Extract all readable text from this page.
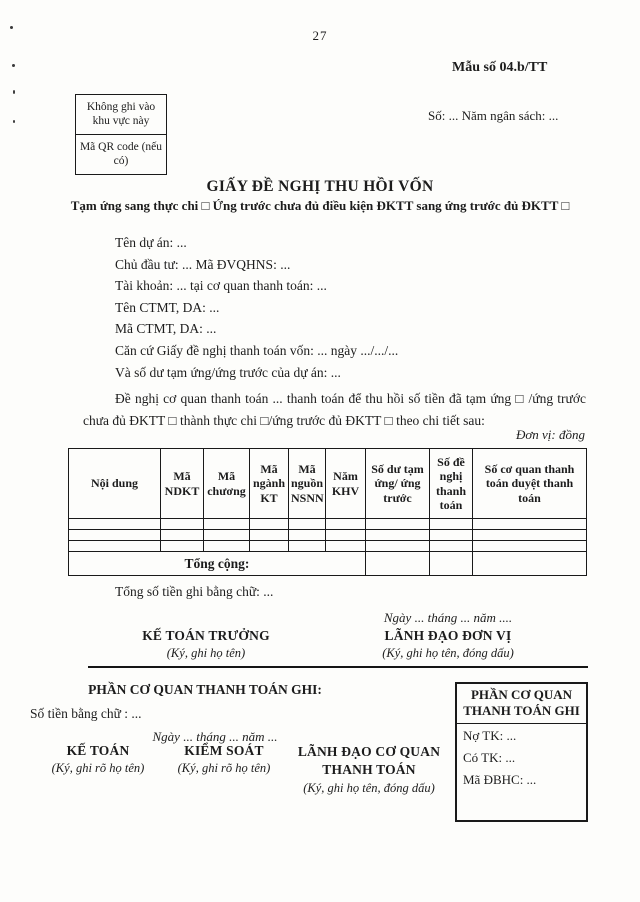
27
Mẫu số 04.b/TT
Không ghi vào khu vực này
Mã QR code (nếu có)
Số: ... Năm ngân sách: ...
GIẤY ĐỀ NGHỊ THU HỒI VỐN
Tạm ứng sang thực chi □ Ứng trước chưa đủ điều kiện ĐKTT sang ứng trước đủ ĐKTT □
Tên dự án: ...
Chủ đầu tư: ... Mã ĐVQHNS: ...
Tài khoản: ... tại cơ quan thanh toán: ...
Tên CTMT, DA: ...
Mã CTMT, DA: ...
Căn cứ Giấy đề nghị thanh toán vốn: ... ngày .../.../...
Và số dư tạm ứng/ứng trước của dự án: ...
Đề nghị cơ quan thanh toán ... thanh toán để thu hồi số tiền đã tạm ứng □ /ứng trước chưa đủ ĐKTT □ thành thực chi □/ứng trước đủ ĐKTT □ theo chi tiết sau:
Đơn vị: đồng
Nội dung	Mã NDKT	Mã chương	Mã ngành KT	Mã nguồn NSNN	Năm KHV	Số dư tạm ứng/ ứng trước	Số đề nghị thanh toán	Số cơ quan thanh toán duyệt thanh toán

Tổng cộng:								
Tổng số tiền ghi bằng chữ: ...
Ngày ... tháng ... năm ....
KẾ TOÁN TRƯỞNG
(Ký, ghi họ tên)
LÃNH ĐẠO ĐƠN VỊ
(Ký, ghi họ tên, đóng dấu)
PHẦN CƠ QUAN THANH TOÁN GHI:
Số tiền bằng chữ : ...
Ngày ... tháng ... năm ...
KẾ TOÁN
(Ký, ghi rõ họ tên)
KIỂM SOÁT
(Ký, ghi rõ họ tên)
LÃNH ĐẠO CƠ QUAN THANH TOÁN
(Ký, ghi họ tên, đóng dấu)
PHẦN CƠ QUAN THANH TOÁN GHI
Nợ TK: ...
Có TK: ...
Mã ĐBHC: ...
